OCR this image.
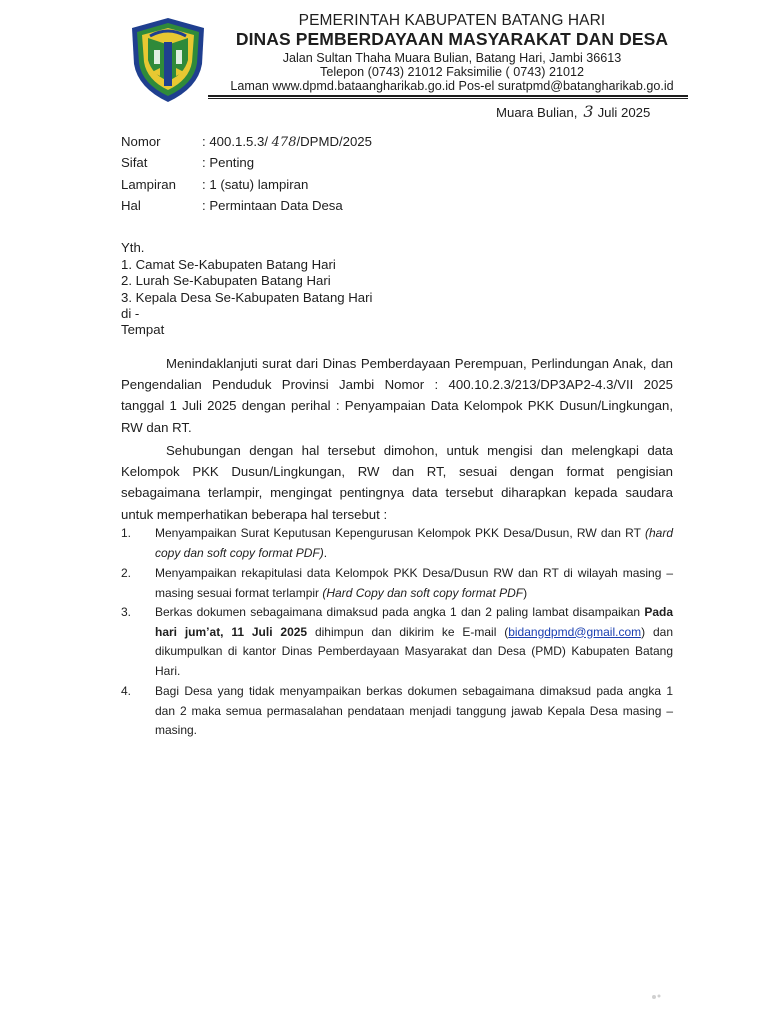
PEMERINTAH KABUPATEN BATANG HARI
DINAS PEMBERDAYAAN MASYARAKAT DAN DESA
Jalan Sultan Thaha Muara Bulian, Batang Hari, Jambi 36613
Telepon (0743) 21012 Faksimilie ( 0743) 21012
Laman www.dpmd.bataangharikab.go.id Pos-el suratpmd@batangharikab.go.id
Muara Bulian, 3 Juli 2025
Nomor	: 400.1.5.3/ 478/DPMD/2025
Sifat	: Penting
Lampiran : 1 (satu) lampiran
Hal	: Permintaan Data Desa
Yth.
1. Camat Se-Kabupaten Batang Hari
2. Lurah Se-Kabupaten Batang Hari
3. Kepala Desa Se-Kabupaten Batang Hari
di -
Tempat
Menindaklanjuti surat dari Dinas Pemberdayaan Perempuan, Perlindungan Anak, dan Pengendalian Penduduk Provinsi Jambi Nomor : 400.10.2.3/213/DP3AP2-4.3/VII 2025 tanggal 1 Juli 2025 dengan perihal : Penyampaian Data Kelompok PKK Dusun/Lingkungan, RW dan RT.
Sehubungan dengan hal tersebut dimohon, untuk mengisi dan melengkapi data Kelompok PKK Dusun/Lingkungan, RW dan RT, sesuai dengan format pengisian sebagaimana terlampir, mengingat pentingnya data tersebut diharapkan kepada saudara untuk memperhatikan beberapa hal tersebut :
1. Menyampaikan Surat Keputusan Kepengurusan Kelompok PKK Desa/Dusun, RW dan RT (hard copy dan soft copy format PDF).
2. Menyampaikan rekapitulasi data Kelompok PKK Desa/Dusun RW dan RT di wilayah masing – masing sesuai format terlampir (Hard Copy dan soft copy format PDF)
3. Berkas dokumen sebagaimana dimaksud pada angka 1 dan 2 paling lambat disampaikan Pada hari jum’at, 11 Juli 2025 dihimpun dan dikirim ke E-mail (bidangdpmd@gmail.com) dan dikumpulkan di kantor Dinas Pemberdayaan Masyarakat dan Desa (PMD) Kabupaten Batang Hari.
4. Bagi Desa yang tidak menyampaikan berkas dokumen sebagaimana dimaksud pada angka 1 dan 2 maka semua permasalahan pendataan menjadi tanggung jawab Kepala Desa masing – masing.
